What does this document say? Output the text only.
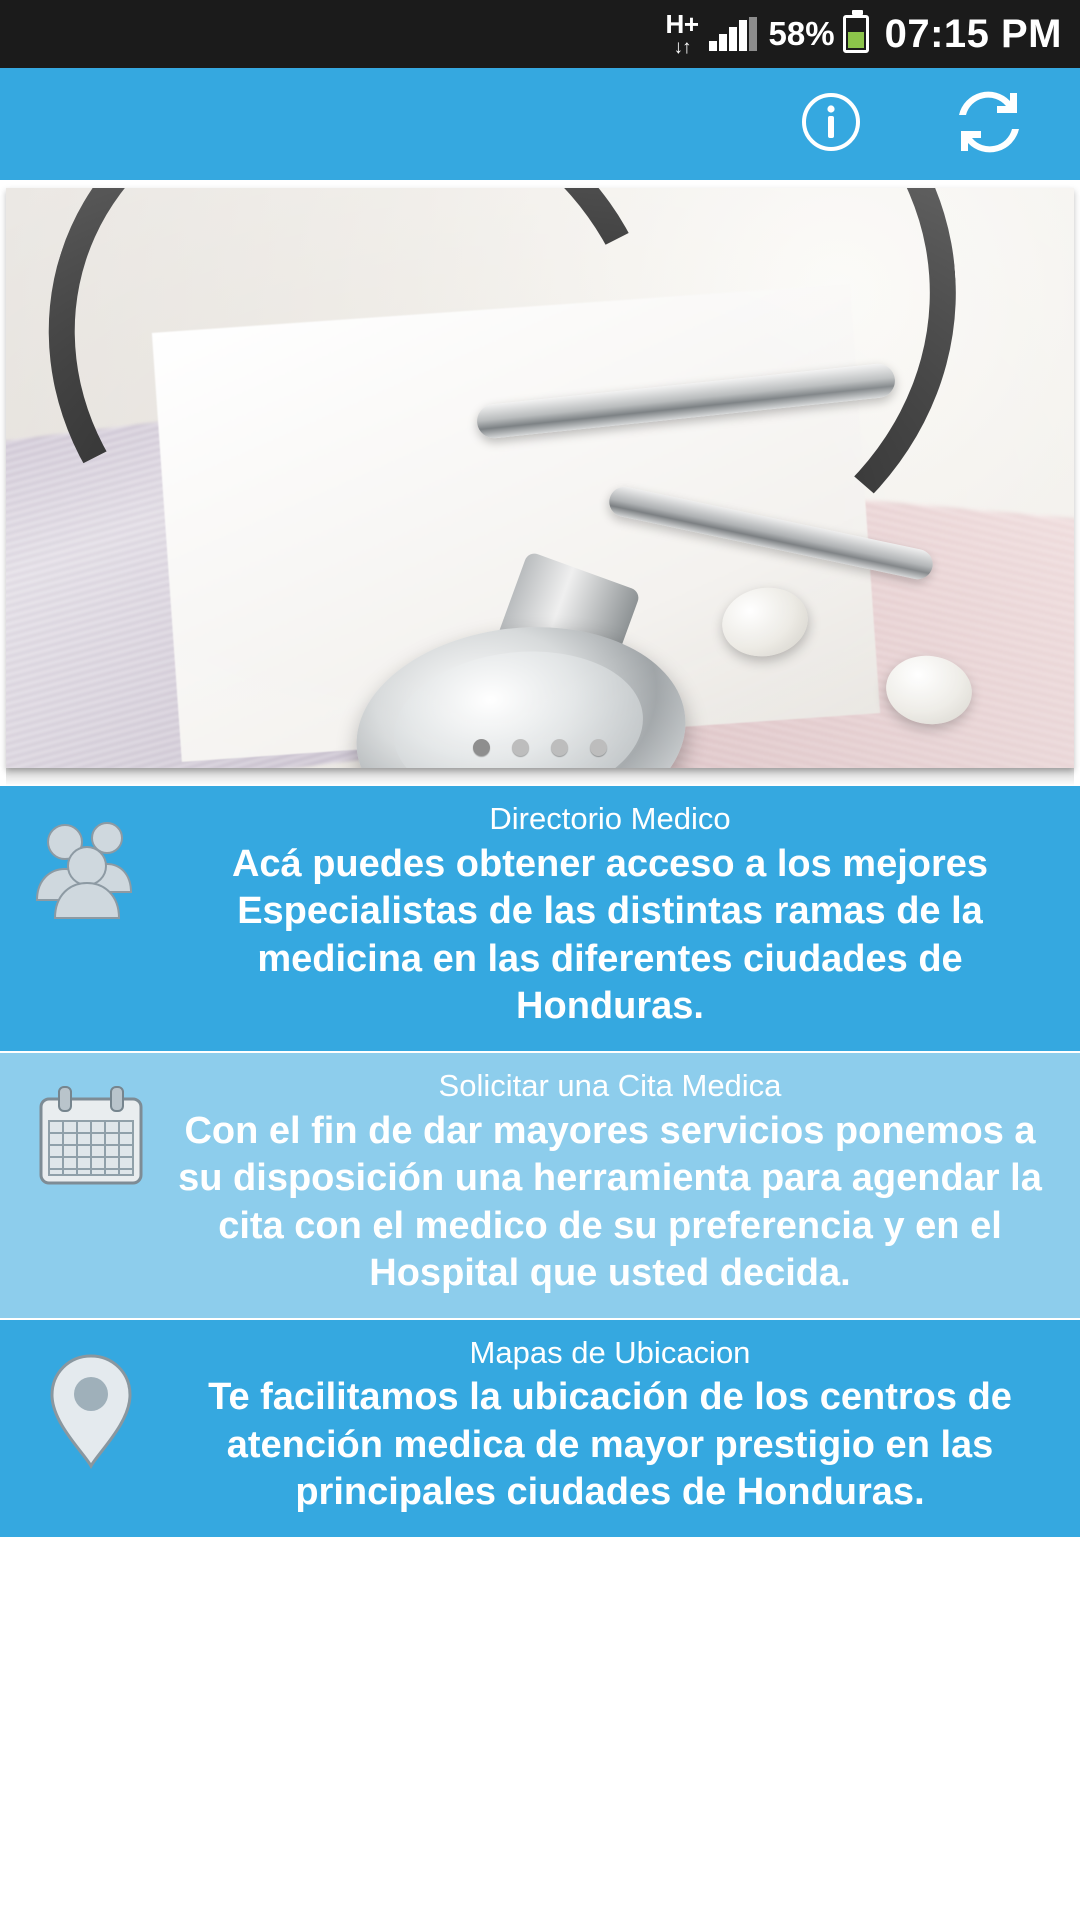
H+
↓↑ 58% 07:15 PM
Directorio Medico
Acá puedes obtener acceso a los mejores Especialistas de las distintas ramas de la medicina en las diferentes ciudades de Honduras.
Solicitar una Cita Medica
Con el fin de dar mayores servicios ponemos a su disposición una herramienta para agendar la cita con el medico de su preferencia y en el Hospital que usted decida.
Mapas de Ubicacion
Te facilitamos la ubicación de los centros de atención medica de mayor prestigio en las principales ciudades de Honduras.
